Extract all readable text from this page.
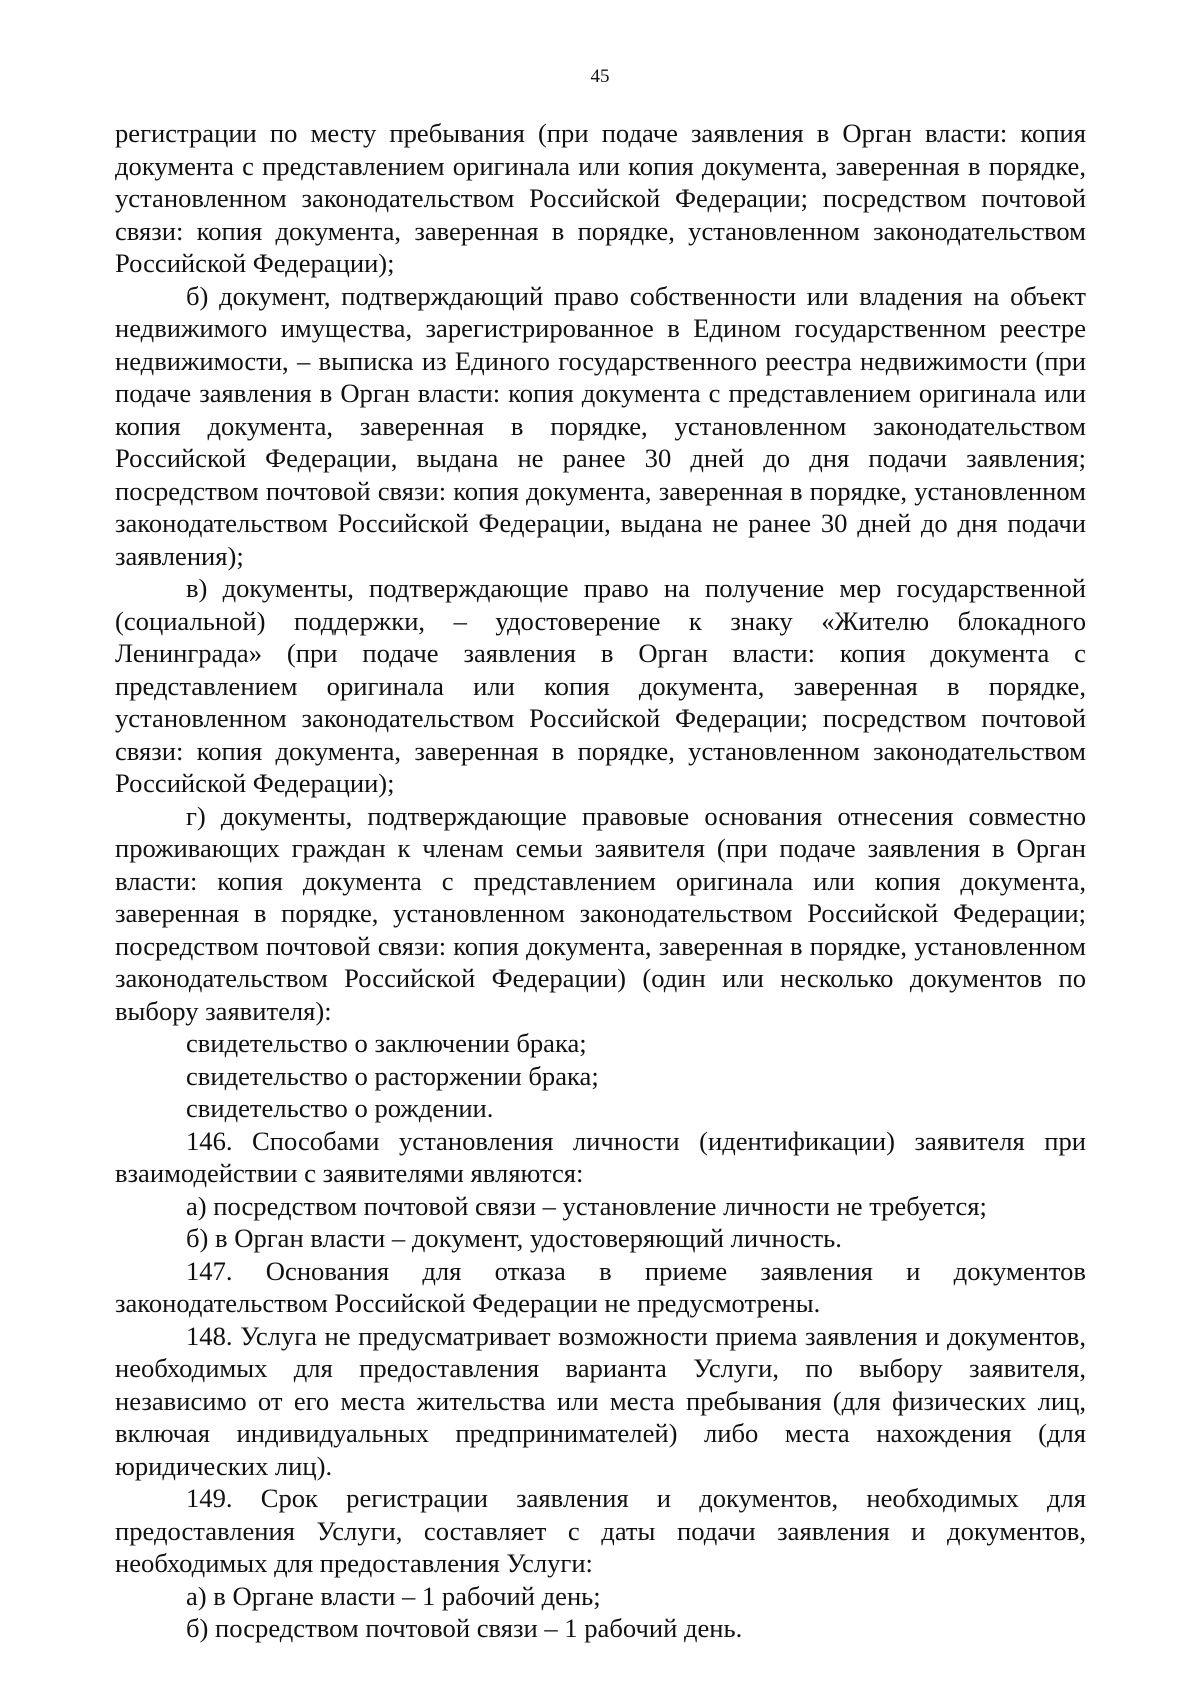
45

регистрации по месту пребывания (при подаче заявления в Орган власти: копия документа с представлением оригинала или копия документа, заверенная в порядке, установленном законодательством Российской Федерации; посредством почтовой связи: копия документа, заверенная в порядке, установленном законодательством Российской Федерации);

б) документ, подтверждающий право собственности или владения на объект недвижимого имущества, зарегистрированное в Едином государственном реестре недвижимости, – выписка из Единого государственного реестра недвижимости (при подаче заявления в Орган власти: копия документа с представлением оригинала или копия документа, заверенная в порядке, установленном законодательством Российской Федерации, выдана не ранее 30 дней до дня подачи заявления; посредством почтовой связи: копия документа, заверенная в порядке, установленном законодательством Российской Федерации, выдана не ранее 30 дней до дня подачи заявления);

в) документы, подтверждающие право на получение мер государственной (социальной) поддержки, – удостоверение к знаку «Жителю блокадного Ленинграда» (при подаче заявления в Орган власти: копия документа с представлением оригинала или копия документа, заверенная в порядке, установленном законодательством Российской Федерации; посредством почтовой связи: копия документа, заверенная в порядке, установленном законодательством Российской Федерации);

г) документы, подтверждающие правовые основания отнесения совместно проживающих граждан к членам семьи заявителя (при подаче заявления в Орган власти: копия документа с представлением оригинала или копия документа, заверенная в порядке, установленном законодательством Российской Федерации; посредством почтовой связи: копия документа, заверенная в порядке, установленном законодательством Российской Федерации) (один или несколько документов по выбору заявителя):

свидетельство о заключении брака;

свидетельство о расторжении брака;

свидетельство о рождении.

146. Способами установления личности (идентификации) заявителя при взаимодействии с заявителями являются:

а) посредством почтовой связи – установление личности не требуется;

б) в Орган власти – документ, удостоверяющий личность.

147. Основания для отказа в приеме заявления и документов законодательством Российской Федерации не предусмотрены.

148. Услуга не предусматривает возможности приема заявления и документов, необходимых для предоставления варианта Услуги, по выбору заявителя, независимо от его места жительства или места пребывания (для физических лиц, включая индивидуальных предпринимателей) либо места нахождения (для юридических лиц).

149. Срок регистрации заявления и документов, необходимых для предоставления Услуги, составляет с даты подачи заявления и документов, необходимых для предоставления Услуги:

а) в Органе власти – 1 рабочий день;

б) посредством почтовой связи – 1 рабочий день.
